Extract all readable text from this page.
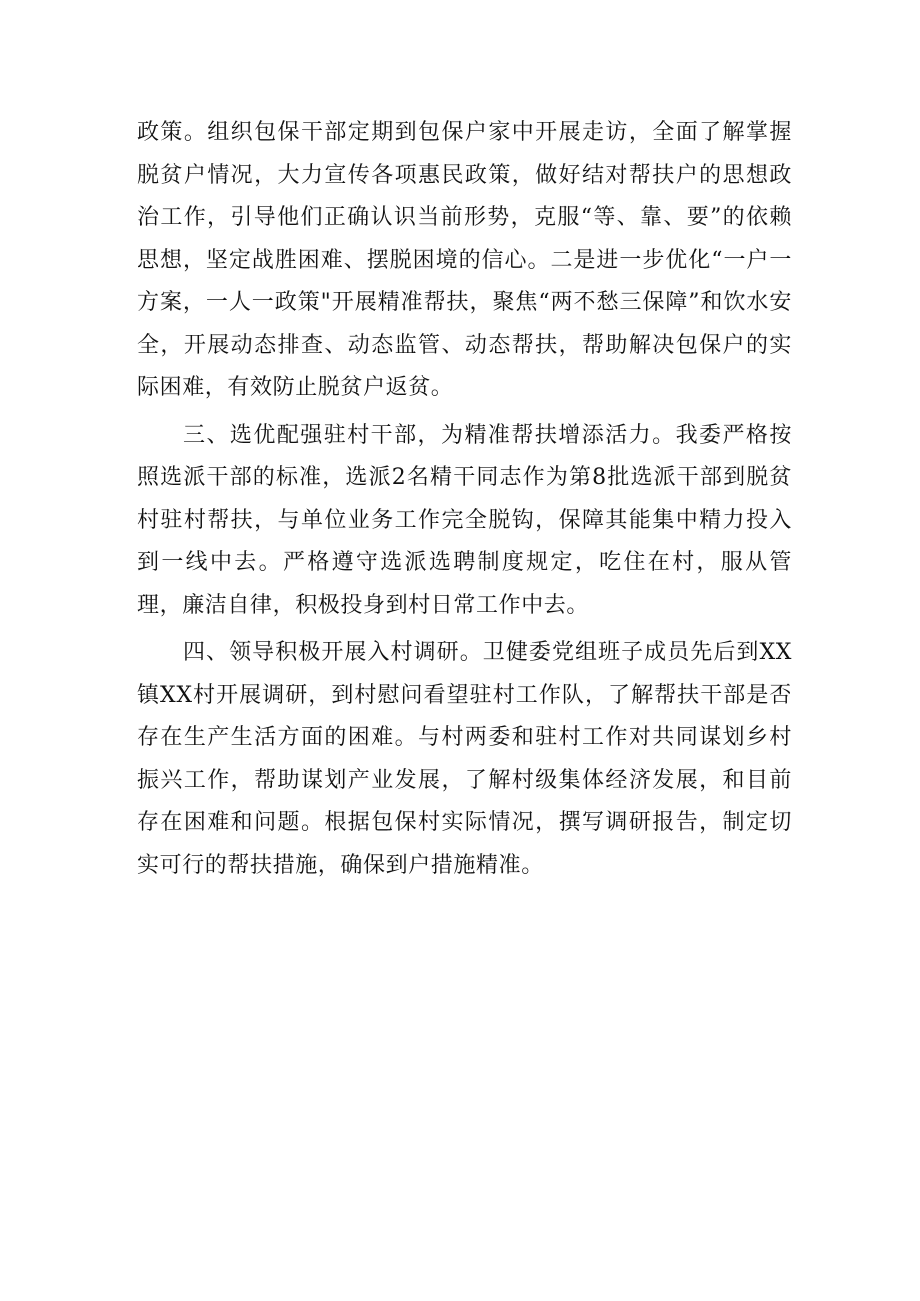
政策。组织包保干部定期到包保户家中开展走访，全面了解掌握脱贫户情况，大力宣传各项惠民政策，做好结对帮扶户的思想政治工作，引导他们正确认识当前形势，克服“等、靠、要”的依赖思想，坚定战胜困难、摆脱困境的信心。二是进一步优化“一户一方案，一人一政策"开展精准帮扶，聚焦“两不愁三保障”和饮水安全，开展动态排查、动态监管、动态帮扶，帮助解决包保户的实际困难，有效防止脱贫户返贫。

三、选优配强驻村干部，为精准帮扶增添活力。我委严格按照选派干部的标准，选派2名精干同志作为第8批选派干部到脱贫村驻村帮扶，与单位业务工作完全脱钩，保障其能集中精力投入到一线中去。严格遵守选派选聘制度规定，吃住在村，服从管理，廉洁自律，积极投身到村日常工作中去。

四、领导积极开展入村调研。卫健委党组班子成员先后到XX镇XX村开展调研，到村慰问看望驻村工作队，了解帮扶干部是否存在生产生活方面的困难。与村两委和驻村工作对共同谋划乡村振兴工作，帮助谋划产业发展，了解村级集体经济发展，和目前存在困难和问题。根据包保村实际情况，撰写调研报告，制定切实可行的帮扶措施，确保到户措施精准。
